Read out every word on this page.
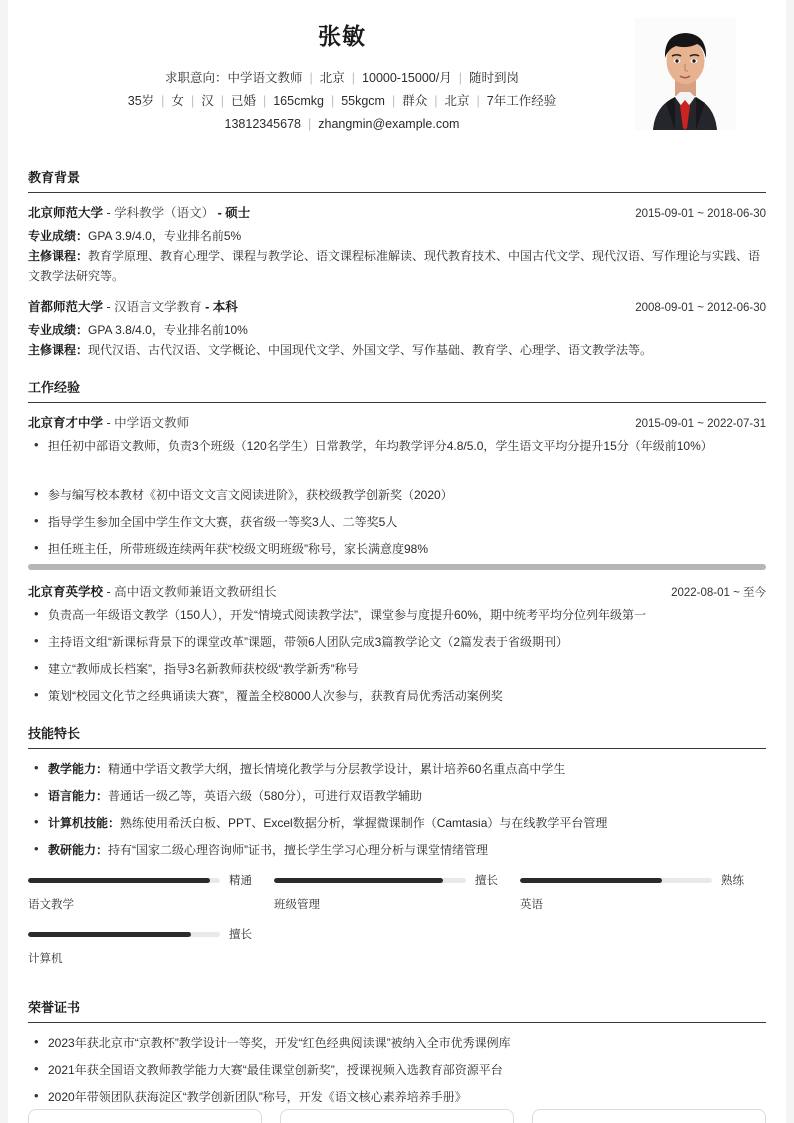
张敏
求职意向：中学语文教师 | 北京 | 10000-15000/月 | 随时到岗
35岁 | 女 | 汉 | 已婚 | 165cmkg | 55kgcm | 群众 | 北京 | 7年工作经验
13812345678 | zhangmin@example.com
教育背景
北京师范大学 - 学科教学（语文） - 硕士	2015-09-01 ~ 2018-06-30
专业成绩：GPA 3.9/4.0，专业排名前5%
主修课程：教育学原理、教育心理学、课程与教学论、语文课程标准解读、现代教育技术、中国古代文学、现代汉语、写作理论与实践、语文教学法研究等。
首都师范大学 - 汉语言文学教育 - 本科	2008-09-01 ~ 2012-06-30
专业成绩：GPA 3.8/4.0，专业排名前10%
主修课程：现代汉语、古代汉语、文学概论、中国现代文学、外国文学、写作基础、教育学、心理学、语文教学法等。
工作经验
北京育才中学 - 中学语文教师	2015-09-01 ~ 2022-07-31
• 担任初中部语文教师，负责3个班级（120名学生）日常教学，年均教学评分4.8/5.0，学生语文平均分提升15分（年级前10%）
• 参与编写校本教材《初中语文文言文阅读进阶》，获校级教学创新奖（2020）
• 指导学生参加全国中学生作文大赛，获省级一等奖3人、二等奖5人
• 担任班主任，所带班级连续两年获“校级文明班级”称号，家长满意度98%
北京育英学校 - 高中语文教师兼语文教研组长	2022-08-01 ~ 至今
• 负责高一年级语文教学（150人），开发“情境式阅读教学法”，课堂参与度提升60%，期中统考平均分位列年级第一
• 主持语文组“新课标背景下的课堂改革”课题，带领6人团队完成3篇教学论文（2篇发表于省级期刊）
• 建立“教师成长档案”，指导3名新教师获校级“教学新秀”称号
• 策划“校园文化节之经典诵读大赛”，覆盖全校8000人次参与，获教育局优秀活动案例奖
技能特长
• 教学能力：精通中学语文教学大纲，擅长情境化教学与分层教学设计，累计培养60名重点高中学生
• 语言能力：普通话一级乙等，英语六级（580分），可进行双语教学辅助
• 计算机技能：熟练使用希沃白板、PPT、Excel数据分析，掌握微课制作（Camtasia）与在线教学平台管理
• 教研能力：持有“国家二级心理咨询师”证书，擅长学生学习心理分析与课堂情绪管理
精通
语文教学
擅长
班级管理
熟练
英语
擅长
计算机
荣誉证书
• 2023年获北京市“京教杯”教学设计一等奖，开发“红色经典阅读课”被纳入全市优秀课例库
• 2021年获全国语文教师教学能力大赛“最佳课堂创新奖”，授课视频入选教育部资源平台
• 2020年带领团队获海淀区“教学创新团队”称号，开发《语文核心素养培养手册》
